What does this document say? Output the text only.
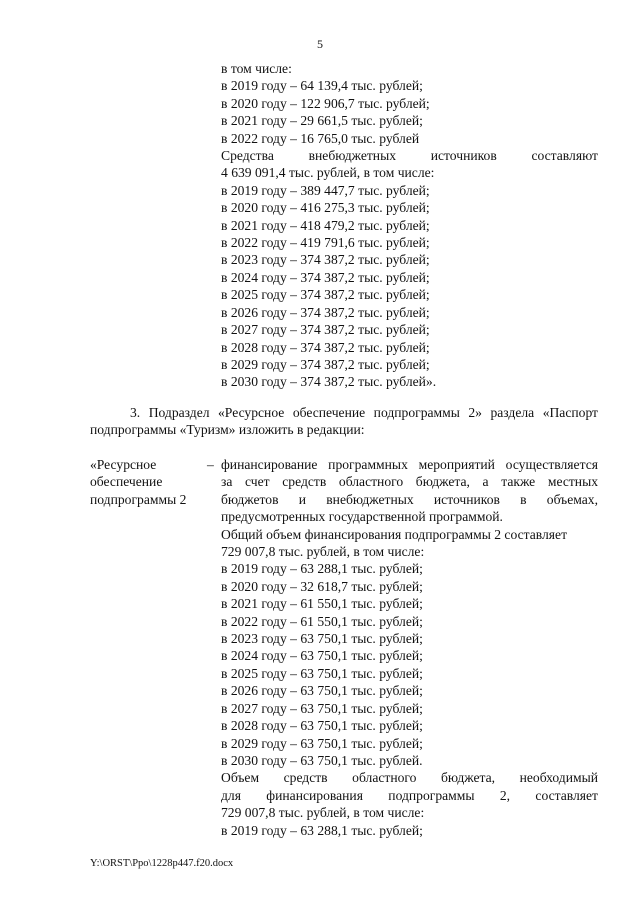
5
в том числе:
в 2019 году – 64 139,4 тыс. рублей;
в 2020 году – 122 906,7 тыс. рублей;
в 2021 году – 29 661,5 тыс. рублей;
в 2022 году – 16 765,0 тыс. рублей
Средства внебюджетных источников составляют
4 639 091,4 тыс. рублей, в том числе:
в 2019 году – 389 447,7 тыс. рублей;
в 2020 году – 416 275,3 тыс. рублей;
в 2021 году – 418 479,2 тыс. рублей;
в 2022 году – 419 791,6 тыс. рублей;
в 2023 году – 374 387,2 тыс. рублей;
в 2024 году – 374 387,2 тыс. рублей;
в 2025 году – 374 387,2 тыс. рублей;
в 2026 году – 374 387,2 тыс. рублей;
в 2027 году – 374 387,2 тыс. рублей;
в 2028 году – 374 387,2 тыс. рублей;
в 2029 году – 374 387,2 тыс. рублей;
в 2030 году – 374 387,2 тыс. рублей».
3. Подраздел «Ресурсное обеспечение подпрограммы 2» раздела «Паспорт
подпрограммы «Туризм» изложить в редакции:
«Ресурсное
обеспечение
подпрограммы 2
– финансирование программных мероприятий осуществляется
за счет средств областного бюджета, а также местных
бюджетов и внебюджетных источников в объемах,
предусмотренных государственной программой.
Общий объем финансирования подпрограммы 2 составляет
729 007,8 тыс. рублей, в том числе:
в 2019 году – 63 288,1 тыс. рублей;
в 2020 году – 32 618,7 тыс. рублей;
в 2021 году – 61 550,1 тыс. рублей;
в 2022 году – 61 550,1 тыс. рублей;
в 2023 году – 63 750,1 тыс. рублей;
в 2024 году – 63 750,1 тыс. рублей;
в 2025 году – 63 750,1 тыс. рублей;
в 2026 году – 63 750,1 тыс. рублей;
в 2027 году – 63 750,1 тыс. рублей;
в 2028 году – 63 750,1 тыс. рублей;
в 2029 году – 63 750,1 тыс. рублей;
в 2030 году – 63 750,1 тыс. рублей.
Объем средств областного бюджета, необходимый
для финансирования подпрограммы 2, составляет
729 007,8 тыс. рублей, в том числе:
в 2019 году – 63 288,1 тыс. рублей;
Y:\ORST\Ppo\1228p447.f20.docx
